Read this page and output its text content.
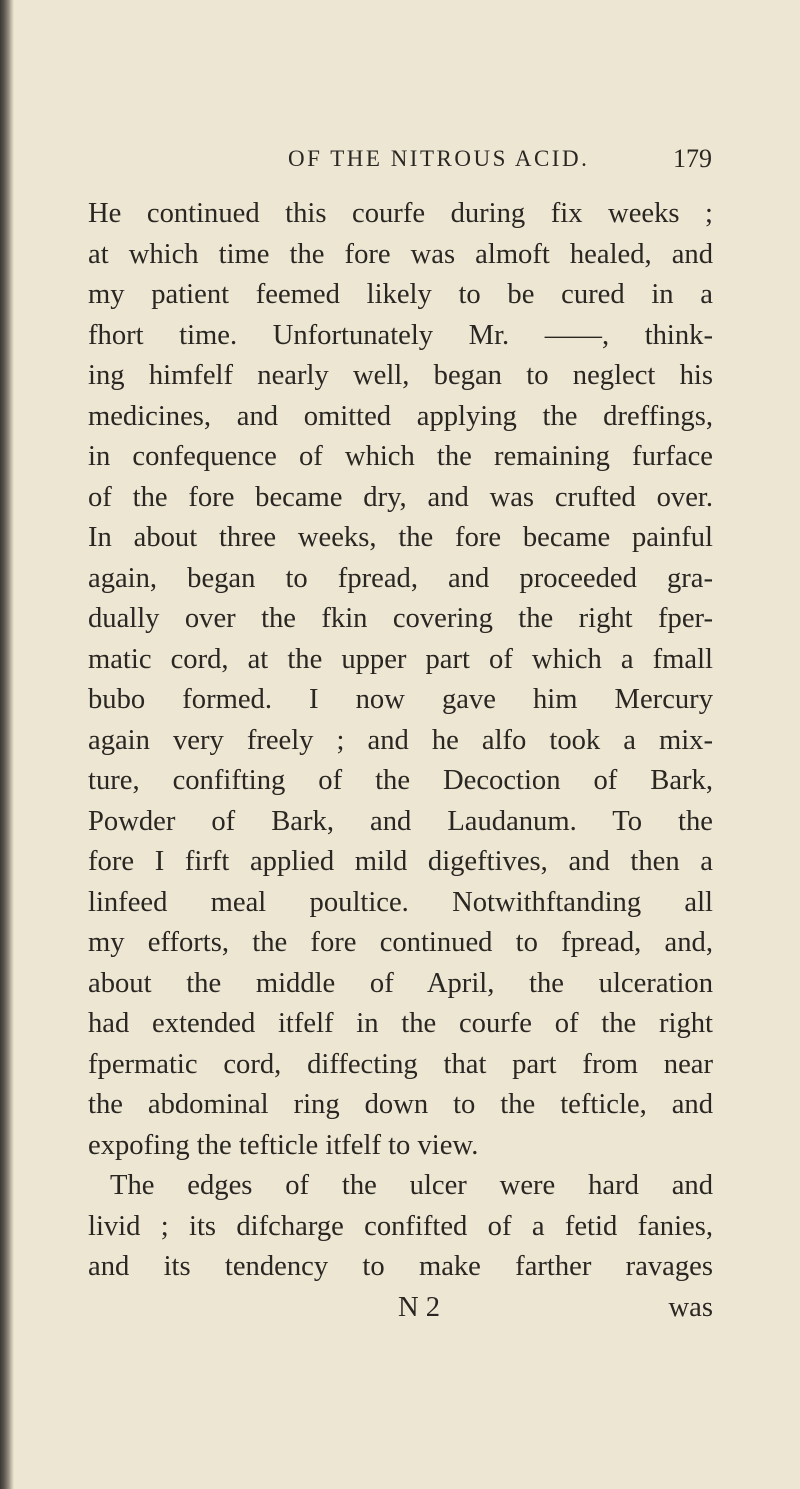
OF THE NITROUS ACID.	179
He continued this courfe during fix weeks ;
at which time the fore was almoft healed, and
my patient feemed likely to be cured in a
fhort time. Unfortunately Mr. ——, think-
ing himfelf nearly well, began to neglect his
medicines, and omitted applying the dreffings,
in confequence of which the remaining furface
of the fore became dry, and was crufted over.
In about three weeks, the fore became painful
again, began to fpread, and proceeded gra-
dually over the fkin covering the right fper-
matic cord, at the upper part of which a fmall
bubo formed. I now gave him Mercury
again very freely ; and he alfo took a mix-
ture, confifting of the Decoction of Bark,
Powder of Bark, and Laudanum. To the
fore I firft applied mild digeftives, and then a
linfeed meal poultice. Notwithftanding all
my efforts, the fore continued to fpread, and,
about the middle of April, the ulceration
had extended itfelf in the courfe of the right
fpermatic cord, diffecting that part from near
the abdominal ring down to the tefticle, and
expofing the tefticle itfelf to view.
The edges of the ulcer were hard and
livid ; its difcharge confifted of a fetid fanies,
and its tendency to make farther ravages
N 2	was
